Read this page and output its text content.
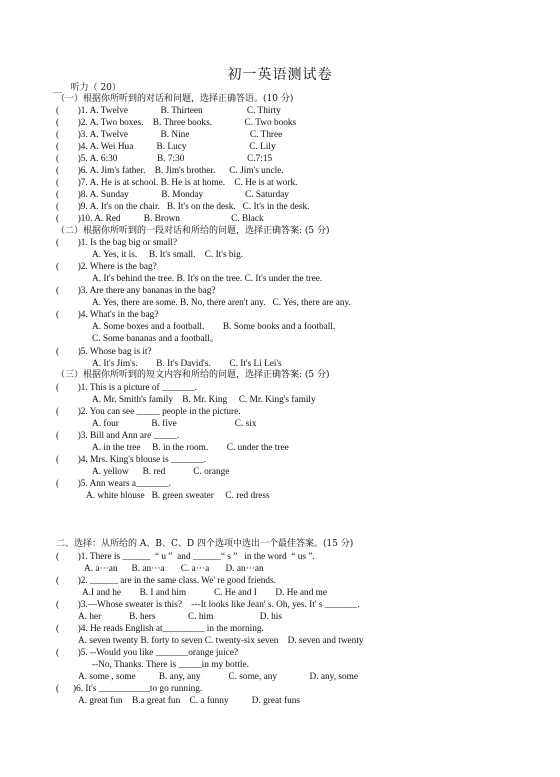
初一英语测试卷
__   听力（ 20）
（一）根据你所听到的对话和问题，选择正确答语。(10 分)
(        )1. A. Twelve              B. Thirteen                   C. Thirty
(        )2. A. Two boxes.    B. Three books.              C. Two books
(        )3. A. Twelve              B. Nine                          C. Three
(        )4. A. Wei Hua          B. Lucy                           C. Lily
(        )5. A. 6:30                 B. 7:30                           C.7:15
(        )6. A. Jim's father.    B. Jim's brother.      C. Jim's uncle.
(        )7. A. He is at school. B. He is at home.    C. He is at work.
(        )8. A. Sunday              B. Monday                  C. Saturday
(        )9. A. It's on the chair.   B. It's on the desk.   C. It's in the desk.
(        )10. A. Red          B. Brown                      C. Black
（二）根据你所听到的一段对话和所给的问题，选择正确答案: (5 分)
(        )1. Is the bag big or small?
A. Yes, it is.     B. It's small.    C. It's big.
(        )2. Where is the bag?
A. It's behind the tree. B. It's on the tree. C. It's under the tree.
(        )3. Are there any bananas in the bag?
A. Yes, there are some. B. No, there aren't any.   C. Yes, there are any.
(        )4. What's in the bag?
A. Some boxes and a football.        B. Some books and a football.
C. Some bananas and a football。
(        )5. Whose bag is it?
A. It's Jim's.        B. It's David's.        C. It's Li Lei's
（三）根据你所听到的短文内容和所给的问题，选择正确答案: (5 分)
(        )1. This is a picture of _______.
A. Mr. Smith's family    B. Mr. King     C. Mr. King's family
(        )2. You can see _____ people in the picture.
A. four              B. five                         C. six
(        )3. Bill and Ann are _____.
A. in the tree     B. in the room.        C. under the tree
(        )4. Mrs. King's blouse is _______.
A. yellow      B. red            C. orange
(        )5. Ann wears a_______.
A. white blouse   B. green sweater     C. red dress
二、选择：从所给的 A、B、C、D 四个选项中选出一个最佳答案。(15 分)
(        )1. There is ______  “ u ”  and ______“ s ”   in the word  “ us ”.
A. a···an      B. an···a       C. a···a       D. an···an
(        )2. ______ are in the same class. We' re good friends.
A.I and he        B. I and him            C. He and I        D. He and me
(        )3.—Whose sweater is this?    ---It looks like Jean' s. Oh, yes. It' s _______.
A. her            B. hers              C. him                    D. his
(        )4. He reads English at_________ in the morning.
A. seven twenty B. forty to seven C. twenty-six seven    D. seven and twenty
(        )5. --Would you like _______orange juice?
--No, Thanks. There is _____in my bottle.
A. some , some          B. any, any            C. some, any              D. any, some
(      )6. It's ___________to go running.
A. great fun    B.a great fun    C. a funny          D. great funs
